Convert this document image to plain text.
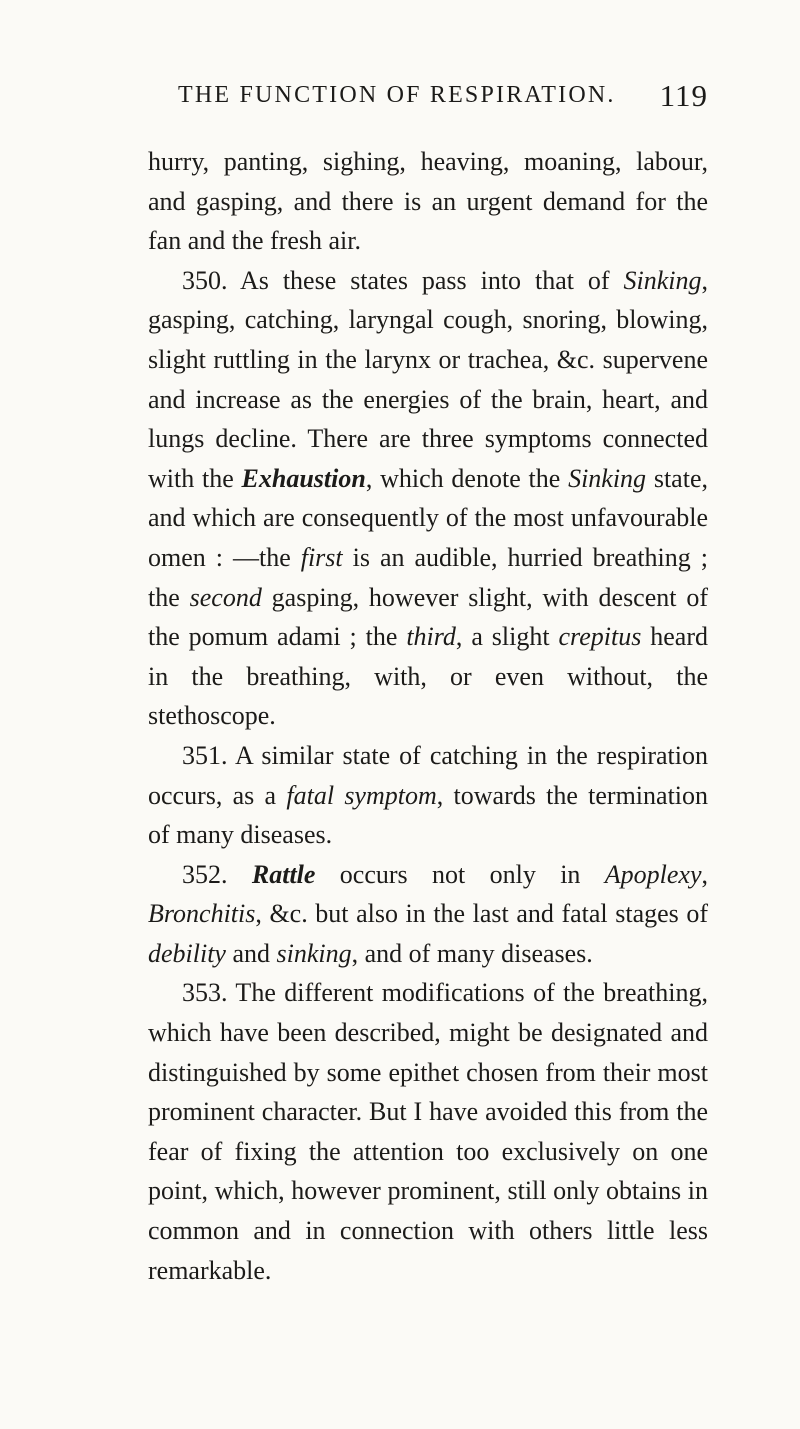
THE FUNCTION OF RESPIRATION. 119

hurry, panting, sighing, heaving, moaning, labour, and gasping, and there is an urgent demand for the fan and the fresh air.

350. As these states pass into that of Sinking, gasping, catching, laryngal cough, snoring, blowing, slight ruttling in the larynx or trachea, &c. supervene and increase as the energies of the brain, heart, and lungs decline. There are three symptoms connected with the Exhaustion, which denote the Sinking state, and which are consequently of the most unfavourable omen : —the first is an audible, hurried breathing ; the second gasping, however slight, with descent of the pomum adami ; the third, a slight crepitus heard in the breathing, with, or even without, the stethoscope.

351. A similar state of catching in the respiration occurs, as a fatal symptom, towards the termination of many diseases.

352. Rattle occurs not only in Apoplexy, Bronchitis, &c. but also in the last and fatal stages of debility and sinking, and of many diseases.

353. The different modifications of the breathing, which have been described, might be designated and distinguished by some epithet chosen from their most prominent character. But I have avoided this from the fear of fixing the attention too exclusively on one point, which, however prominent, still only obtains in common and in connection with others little less remarkable.
